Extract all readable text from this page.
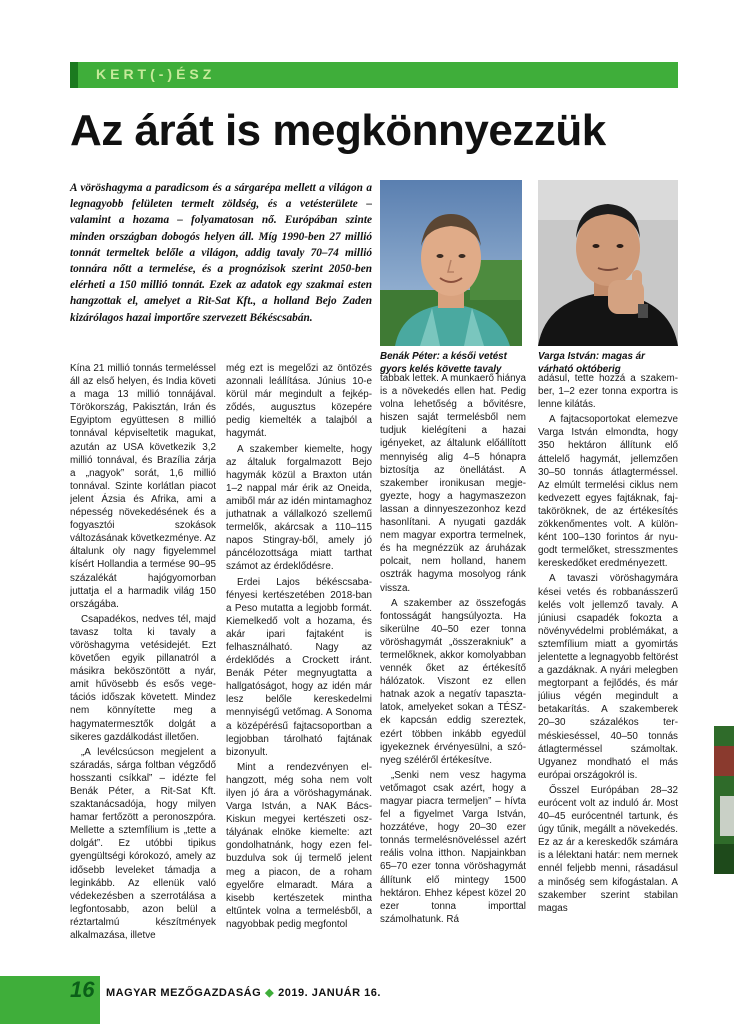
KERT(-)ÉSZ
Az árát is megkönnyezzük

A vöröshagyma a paradicsom és a sárgarépa mellett a világon a legnagyobb felületen termelt zöldség, és a vetésterülete – valamint a hozama – folyamatosan nő. Európában szinte minden országban dobogós helyen áll. Míg 1990-ben 27 millió tonnát termeltek belőle a világon, addig tavaly 70–74 millió tonnára nőtt a termelése, és a prognózisok szerint 2050-ben elérheti a 150 millió tonnát. Ezek az adatok egy szakmai esten hangzottak el, amelyet a Rit-Sat Kft., a holland Bejo Zaden kizárólagos hazai importőre szervezett Békéscsabán.

Benák Péter: a késői vetést gyors kelés követte tavaly
Varga István: magas ár várható októberig

Kína 21 millió tonnás termeléssel áll az első helyen, és India követi a maga 13 millió tonnájával. Törökország, Pakisztán, Irán és Egyiptom együttesen 8 millió tonnával képviseltetik magukat, azután az USA következik 3,2 millió tonnával, és Brazília zárja a „nagyok” sorát, 1,6 millió tonnával. Szinte korlátlan piacot jelent Ázsia és Afrika, ami a népesség növekedésének és a fogyasztói szokások változásának következménye. Az általunk oly nagy figyelemmel kísért Hollandia a termése 90–95 százalékát hajógyomorban juttatja el a harmadik világ 150 országába.

Csapadékos, nedves tél, majd tavasz tolta ki tavaly a vöröshagyma vetésidejét. Ezt követően egyik pillanatról a másikra beköszöntött a nyár, amit hűvösebb és esős vegetációs időszak követett. Mindez nem könnyítette meg a hagymatermesztők dolgát a sikeres gazdálkodást illetően.

„A levélcsúcson megjelent a száradás, sárga foltban végződő hosszanti csíkkal” – idézte fel Benák Péter, a Rit-Sat Kft. szaktanácsadója, hogy milyen hamar fertőzött a peronoszpóra. Mellette a sztemfílium is „tette a dolgát”. Ez utóbbi tipikus gyengültségi kórokozó, amely az idősebb leveleket támadja a leginkább. Az ellenük való védekezésben a szerrotálása a legfontosabb, azon belül a réztartalmú készítmények alkalmazása, illetve

még ezt is megelőzi az öntözés azonnali leállítása. Június 10-e körül már megindult a fejképződés, augusztus közepére pedig kiemelték a talajból a hagymát.

A szakember kiemelte, hogy az általuk forgalmazott Bejo hagymák közül a Braxton után 1–2 nappal már érik az Oneida, amiből már az idén mintamaghoz juthatnak a vállalkozó szellemű termelők, akárcsak a 110–115 napos Stingray-ből, amely jó páncélozottsága miatt tarthat számot az érdeklődésre.

Erdei Lajos békéscsabafényesi kertészetében 2018-ban a Peso mutatta a legjobb formát. Kiemelkedő volt a hozama, és akár ipari fajtaként is felhasználható. Nagy az érdeklődés a Crockett iránt. Benák Péter megnyugtatta a hallgatóságot, hogy az idén már lesz belőle kereskedelmi mennyiségű vetőmag. A Sonoma a középérésű fajtacsoportban a legjobban tárolható fajtának bizonyult.

Mint a rendezvényen elhangzott, még soha nem volt ilyen jó ára a vöröshagymának. Varga István, a NAK Bács-Kiskun megyei kertészeti osztályának elnöke kiemelte: azt gondolhatnánk, hogy ezen felbuzdulva sok új termelő jelent meg a piacon, de a roham egyelőre elmaradt. Mára a kisebb kertészetek mintha eltűntek volna a termelésből, a nagyobbak pedig megfontol

tabbak lettek. A munkaerő hiánya is a növekedés ellen hat. Pedig volna lehetőség a bővitésre, hiszen saját termelésből nem tudjuk kielégíteni a hazai igényeket, az általunk előállított mennyiség alig 4–5 hónapra biztosítja az önellátást. A szakember ironikusan megjegyezte, hogy a hagymaszezon lassan a dinnyeszezonhoz kezd hasonlítani. A nyugati gazdák nem magyar exportra termelnek, és ha megnézzük az áruházak polcait, nem holland, hanem osztrák hagyma mosolyog ránk vissza.

A szakember az összefogás fontosságát hangsúlyozta. Ha sikerülne 40–50 ezer tonna vöröshagymát „összerakniuk” a termelőknek, akkor komolyabban vennék őket az értékesítő hálózatok. Viszont ez ellen hatnak azok a negatív tapasztalatok, amelyeket sokan a TÉSZ-ek kapcsán eddig szereztek, ezért többen inkább egyedül igyekeznek érvényesülni, a szónyeg széléről értékesítve.

„Senki nem vesz hagyma vetőmagot csak azért, hogy a magyar piacra termeljen” – hívta fel a figyelmet Varga István, hozzátéve, hogy 20–30 ezer tonnás termelésnöveléssel azért reális volna itthon. Napjainkban 65–70 ezer tonna vöröshagymát állítunk elő mintegy 1500 hektáron. Ehhez képest közel 20 ezer tonna importtal számolhatunk. Rá

adásul, tette hozzá a szakember, 1–2 ezer tonna exportra is lenne kilátás.

A fajtacsoportokat elemezve Varga István elmondta, hogy 350 hektáron állítunk elő áttelelő hagymát, jellemzően 30–50 tonnás átlagterméssel. Az elmúlt termelési ciklus nem kedvezett egyes fajtáknak, fajtaköröknek, de az értékesítés zökkenőmentes volt. A különként 100–130 forintos ár nyugodt termelőket, stresszmentes kereskedőket eredményezett.

A tavaszi vöröshagymára kései vetés és robbanásszerű kelés volt jellemző tavaly. A júniusi csapadék fokozta a növényvédelmi problémákat, a sztemfílium miatt a gyomirtás jelentette a legnagyobb feltörést a gazdáknak. A nyári melegben megtorpant a fejlődés, és már július végén megindult a betakarítás. A szakemberek 20–30 százalékos terméskieséssel, 40–50 tonnás átlagterméssel számoltak. Ugyanez mondható el más európai országokról is.

Ősszel Európában 28–32 eurócent volt az induló ár. Most 40–45 eurócentnél tartunk, és úgy tűnik, megállt a növekedés. Ez az ár a kereskedők számára is a lélektani határ: nem mernek ennél feljebb menni, rásadásul a minőség sem kifogástalan. A szakember szerint stabilan magas

16 MAGYAR MEZŐGAZDASÁG ◆ 2019. JANUÁR 16.
